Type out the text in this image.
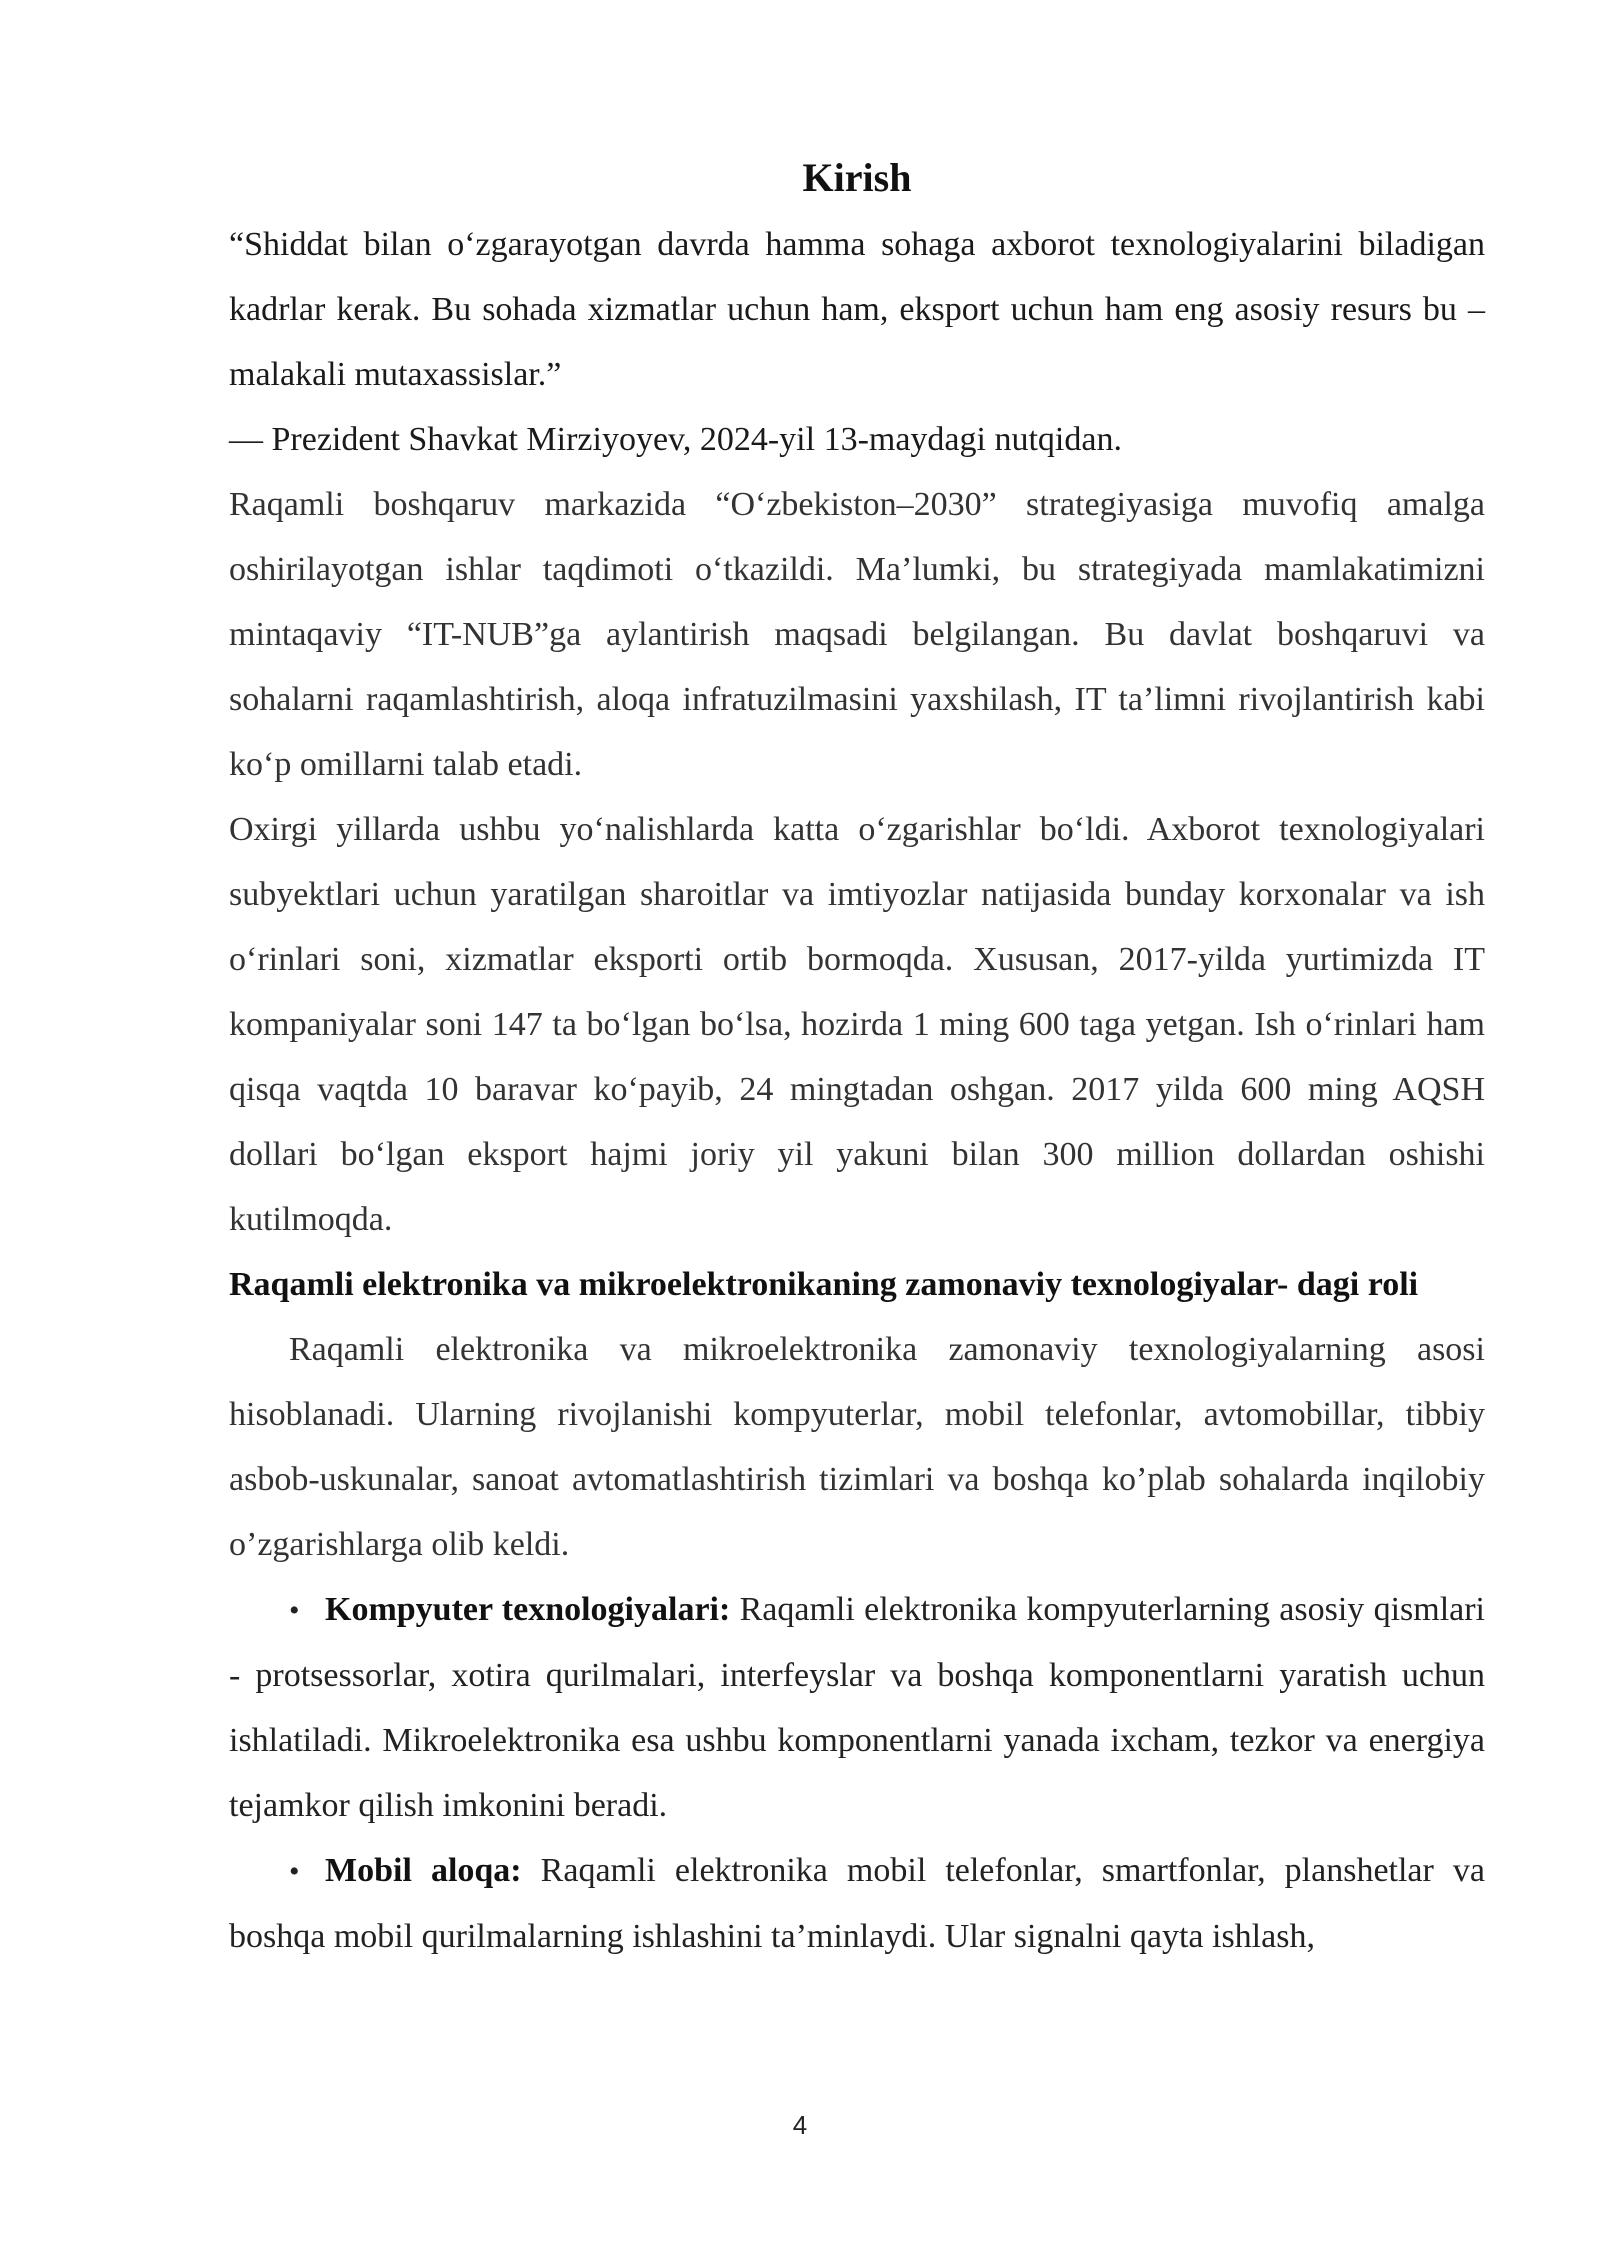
Kirish

“Shiddat bilan o‘zgarayotgan davrda hamma sohaga axborot texnologiyalarini biladigan kadrlar kerak. Bu sohada xizmatlar uchun ham, eksport uchun ham eng asosiy resurs bu – malakali mutaxassislar.”

— Prezident Shavkat Mirziyoyev, 2024-yil 13-maydagi nutqidan.

Raqamli boshqaruv markazida “O‘zbekiston–2030” strategiyasiga muvofiq amalga oshirilayotgan ishlar taqdimoti o‘tkazildi. Ma’lumki, bu strategiyada mamlakatimizni mintaqaviy “IT-NUB”ga aylantirish maqsadi belgilangan. Bu davlat boshqaruvi va sohalarni raqamlashtirish, aloqa infratuzilmasini yaxshilash, IT ta’limni rivojlantirish kabi ko‘p omillarni talab etadi.

Oxirgi yillarda ushbu yo‘nalishlarda katta o‘zgarishlar bo‘ldi. Axborot texnologiyalari subyektlari uchun yaratilgan sharoitlar va imtiyozlar natijasida bunday korxonalar va ish o‘rinlari soni, xizmatlar eksporti ortib bormoqda. Xususan, 2017-yilda yurtimizda IT kompaniyalar soni 147 ta bo‘lgan bo‘lsa, hozirda 1 ming 600 taga yetgan. Ish o‘rinlari ham qisqa vaqtda 10 baravar ko‘payib, 24 mingtadan oshgan. 2017 yilda 600 ming AQSH dollari bo‘lgan eksport hajmi joriy yil yakuni bilan 300 million dollardan oshishi kutilmoqda.

Raqamli elektronika va mikroelektronikaning zamonaviy texnologiyalar- dagi roli

Raqamli elektronika va mikroelektronika zamonaviy texnologiyalarning asosi hisoblanadi. Ularning rivojlanishi kompyuterlar, mobil telefonlar, avtomobillar, tibbiy asbob-uskunalar, sanoat avtomatlashtirish tizimlari va boshqa ko’plab sohalarda inqilobiy o’zgarishlarga olib keldi.

•Kompyuter texnologiyalari: Raqamli elektronika kompyuterlarning asosiy qismlari - protsessorlar, xotira qurilmalari, interfeyslar va boshqa komponentlarni yaratish uchun ishlatiladi. Mikroelektronika esa ushbu komponentlarni yanada ixcham, tezkor va energiya tejamkor qilish imkonini beradi.
•Mobil aloqa: Raqamli elektronika mobil telefonlar, smartfonlar, planshetlar va boshqa mobil qurilmalarning ishlashini ta’minlaydi. Ular signalni qayta ishlash,
4
